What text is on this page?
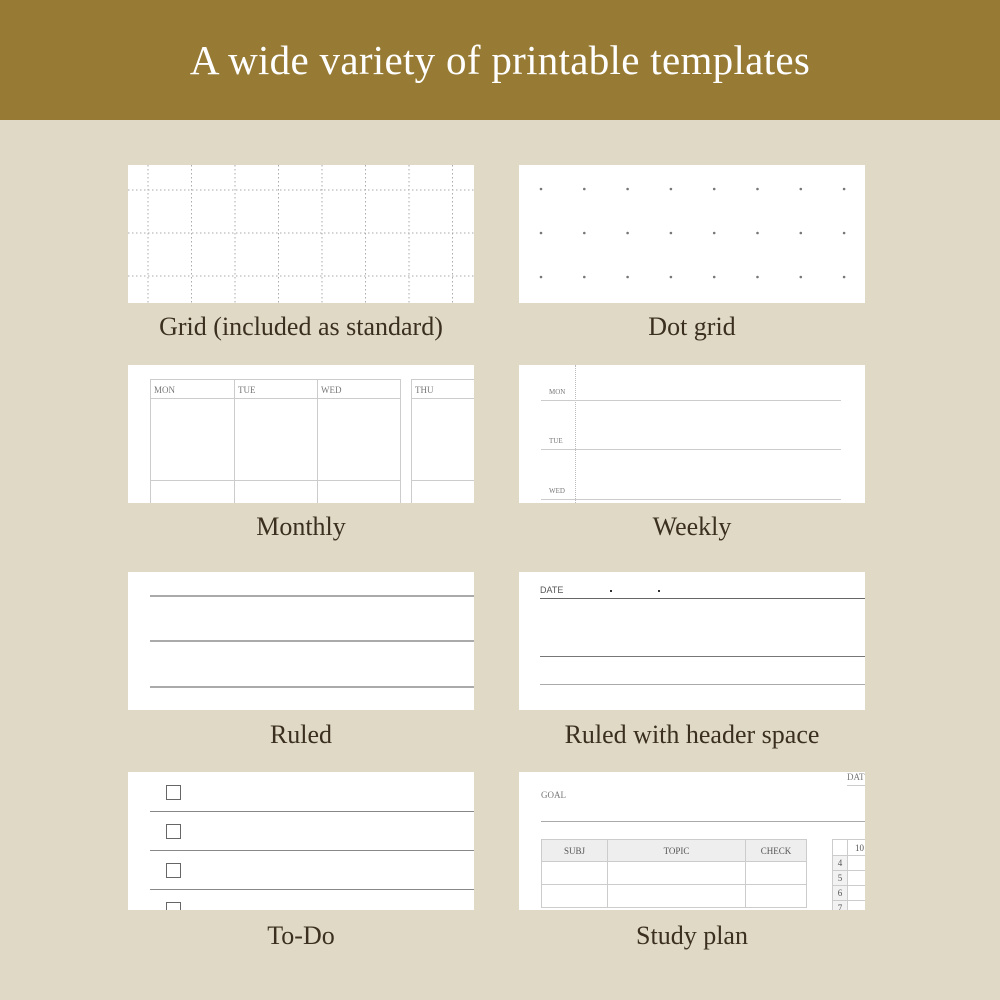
A wide variety of printable templates
Grid (included as standard)	Dot grid
MON	TUE	WED	THU
Monthly
MON
TUE
WED
Weekly
Ruled
DATE
Ruled with header space
To-Do
DAT
GOAL
SUBJ	TOPIC	CHECK

		10
4	
5	
6	
7	
Study plan
